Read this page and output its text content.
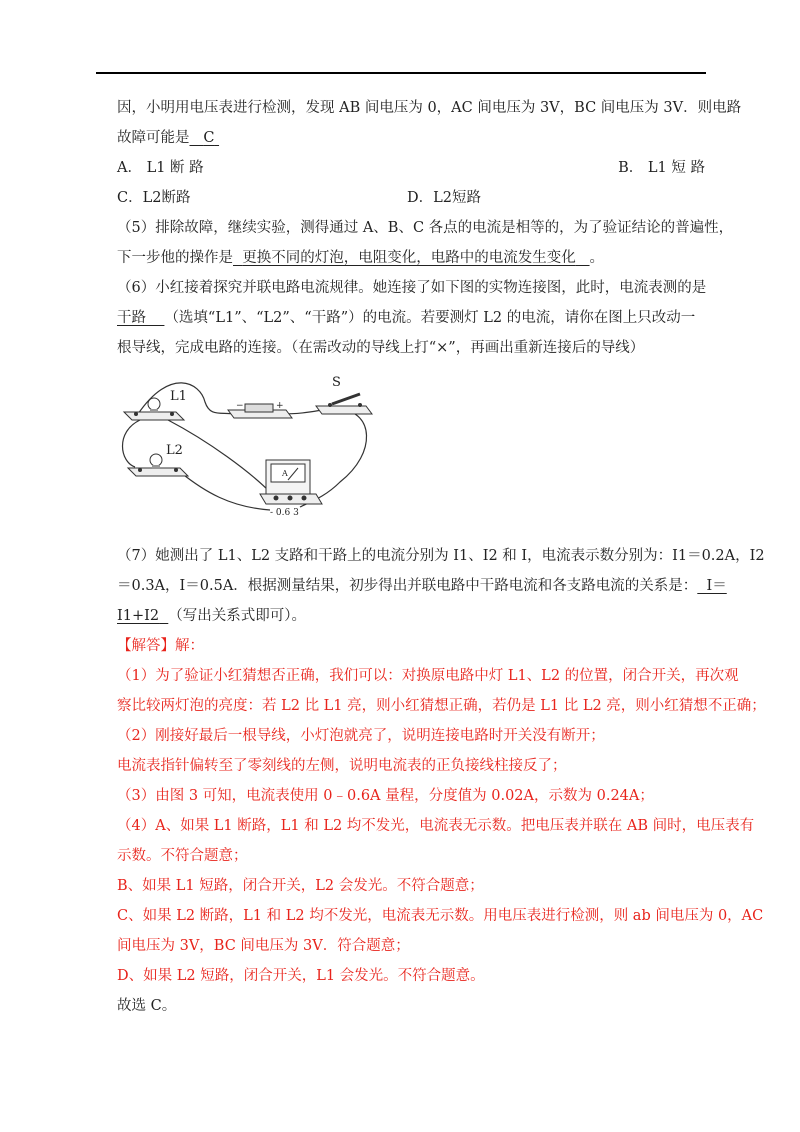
因，小明用电压表进行检测，发现 AB 间电压为 0，AC 间电压为 3V，BC 间电压为 3V．则电路
故障可能是 C
A． L1 断 路	B． L1 短 路
C．L2断路	D．L2短路
（5）排除故障，继续实验，测得通过 A、B、C 各点的电流是相等的，为了验证结论的普遍性，
下一步他的操作是 更换不同的灯泡，电阻变化，电路中的电流发生变化 。
（6）小红接着探究并联电路电流规律。她连接了如下图的实物连接图，此时，电流表测的是
干路 （选填“L1”、“L2”、“干路”）的电流。若要测灯 L2 的电流，请你在图上只改动一
根导线，完成电路的连接。（在需改动的导线上打“×”，再画出重新连接后的导线）
（7）她测出了 L1、L2 支路和干路上的电流分别为 I1、I2 和 I，电流表示数分别为：I1＝0.2A，I2
＝0.3A，I＝0.5A．根据测量结果，初步得出并联电路中干路电流和各支路电流的关系是： I＝
I1+I2 （写出关系式即可）。
【解答】解：
（1）为了验证小红猜想否正确，我们可以：对换原电路中灯 L1、L2 的位置，闭合开关，再次观
察比较两灯泡的亮度：若 L2 比 L1 亮，则小红猜想正确，若仍是 L1 比 L2 亮，则小红猜想不正确；
（2）刚接好最后一根导线，小灯泡就亮了，说明连接电路时开关没有断开；
电流表指针偏转至了零刻线的左侧，说明电流表的正负接线柱接反了；
（3）由图 3 可知，电流表使用 0﹣0.6A 量程，分度值为 0.02A，示数为 0.24A；
（4）A、如果 L1 断路，L1 和 L2 均不发光，电流表无示数。把电压表并联在 AB 间时，电压表有
示数。不符合题意；
B、如果 L1 短路，闭合开关，L2 会发光。不符合题意；
C、如果 L2 断路，L1 和 L2 均不发光，电流表无示数。用电压表进行检测，则 ab 间电压为 0，AC
间电压为 3V，BC 间电压为 3V．符合题意；
D、如果 L2 短路，闭合开关，L1 会发光。不符合题意。
故选 C。
L1
L2
−	+
S
A
- 0.6 3
